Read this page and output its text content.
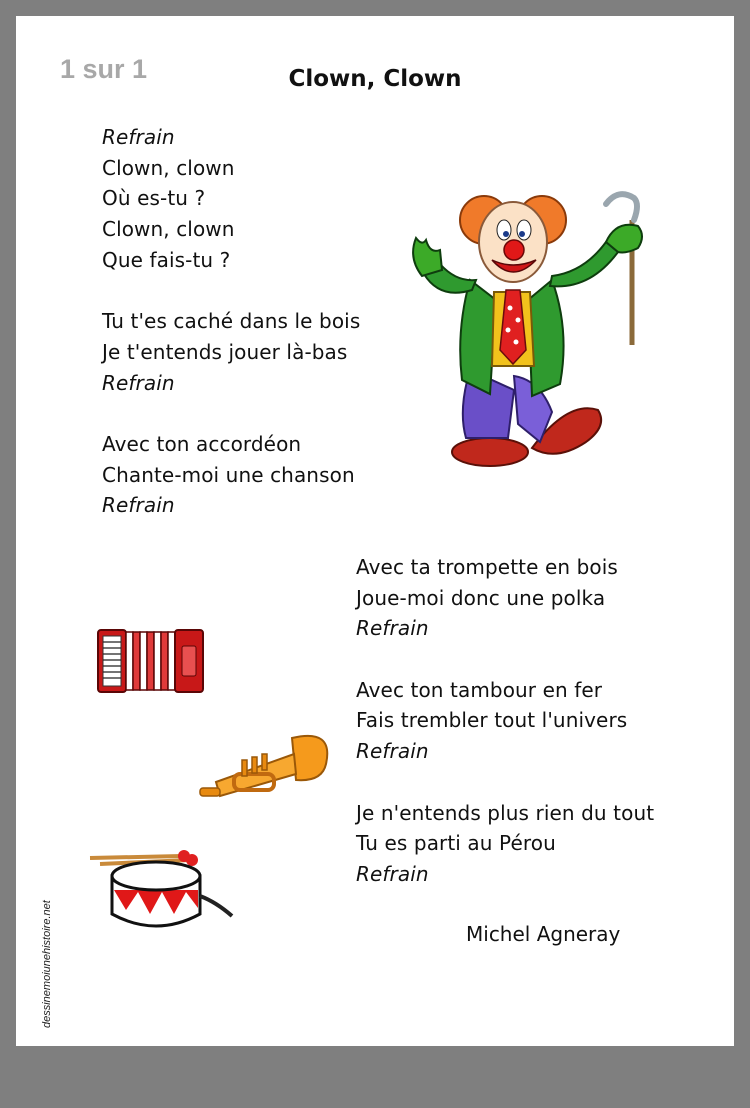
1 sur 1	Clown, Clown
Refrain
Clown, clown
Où es-tu ?
Clown, clown
Que fais-tu ?
Tu t'es caché dans le bois
Je t'entends jouer là-bas
Refrain
Avec ton accordéon
Chante-moi une chanson
Refrain
Avec ta trompette en bois
Joue-moi donc une polka
Refrain
Avec ton tambour en fer
Fais trembler tout l'univers
Refrain
Je n'entends plus rien du tout
Tu es parti au Pérou
Refrain
Michel Agneray
dessinemoiunehistoire.net
